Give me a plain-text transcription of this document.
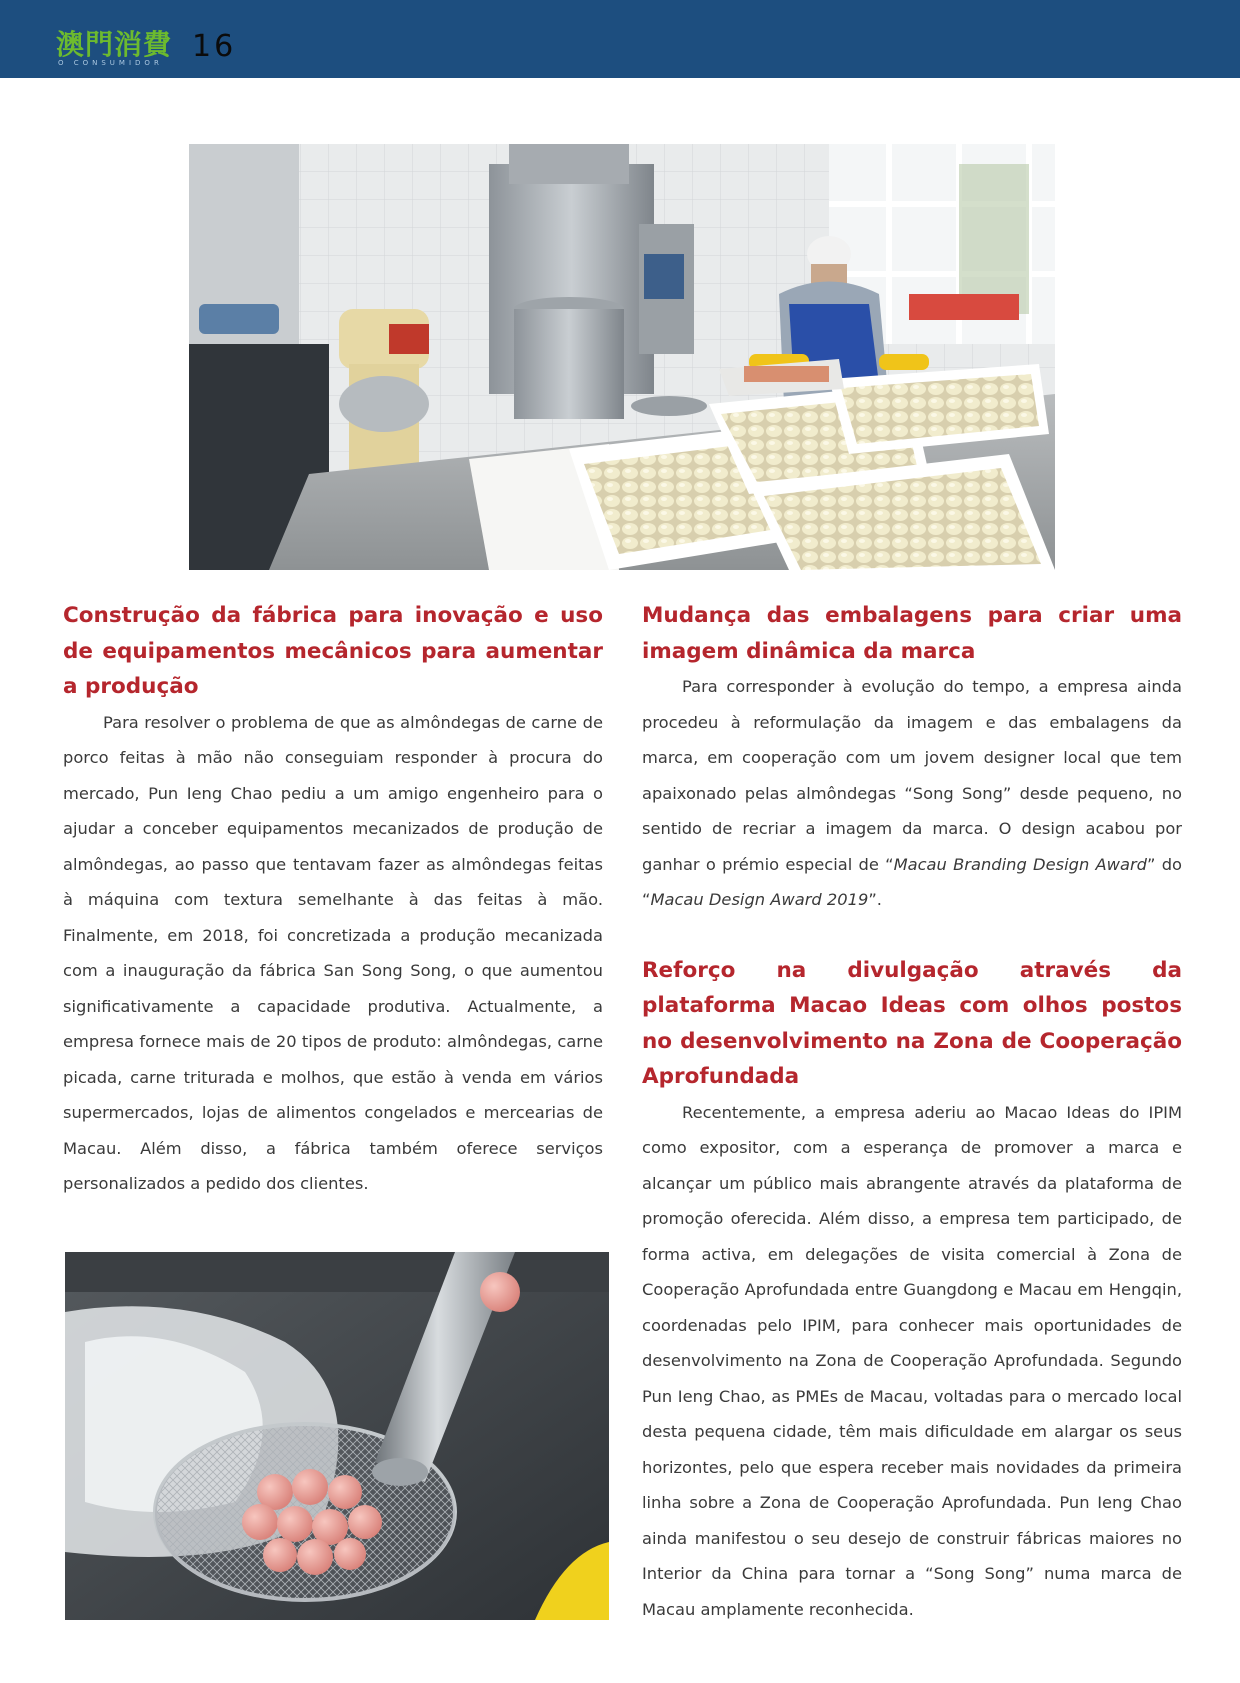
澳門消費
O CONSUMIDOR 16
Construção da fábrica para inovação e uso de equipamentos mecânicos para aumentar a produção

Para resolver o problema de que as almôndegas de carne de porco feitas à mão não conseguiam responder à procura do mercado, Pun Ieng Chao pediu a um amigo engenheiro para o ajudar a conceber equipamentos mecanizados de produção de almôndegas, ao passo que tentavam fazer as almôndegas feitas à máquina com textura semelhante à das feitas à mão. Finalmente, em 2018, foi concretizada a produção mecanizada com a inauguração da fábrica San Song Song, o que aumentou significativamente a capacidade produtiva. Actualmente, a empresa fornece mais de 20 tipos de produto: almôndegas, carne picada, carne triturada e molhos, que estão à venda em vários supermercados, lojas de alimentos congelados e mercearias de Macau. Além disso, a fábrica também oferece serviços personalizados a pedido dos clientes.

Mudança das embalagens para criar uma imagem dinâmica da marca

Para corresponder à evolução do tempo, a empresa ainda procedeu à reformulação da imagem e das embalagens da marca, em cooperação com um jovem designer local que tem apaixonado pelas almôndegas “Song Song” desde pequeno, no sentido de recriar a imagem da marca. O design acabou por ganhar o prémio especial de “Macau Branding Design Award” do “Macau Design Award 2019”.

Reforço na divulgação através da plataforma Macao Ideas com olhos postos no desenvolvimento na Zona de Cooperação Aprofundada

Recentemente, a empresa aderiu ao Macao Ideas do IPIM como expositor, com a esperança de promover a marca e alcançar um público mais abrangente através da plataforma de promoção oferecida. Além disso, a empresa tem participado, de forma activa, em delegações de visita comercial à Zona de Cooperação Aprofundada entre Guangdong e Macau em Hengqin, coordenadas pelo IPIM, para conhecer mais oportunidades de desenvolvimento na Zona de Cooperação Aprofundada. Segundo Pun Ieng Chao, as PMEs de Macau, voltadas para o mercado local desta pequena cidade, têm mais dificuldade em alargar os seus horizontes, pelo que espera receber mais novidades da primeira linha sobre a Zona de Cooperação Aprofundada. Pun Ieng Chao ainda manifestou o seu desejo de construir fábricas maiores no Interior da China para tornar a “Song Song” numa marca de Macau amplamente reconhecida.
